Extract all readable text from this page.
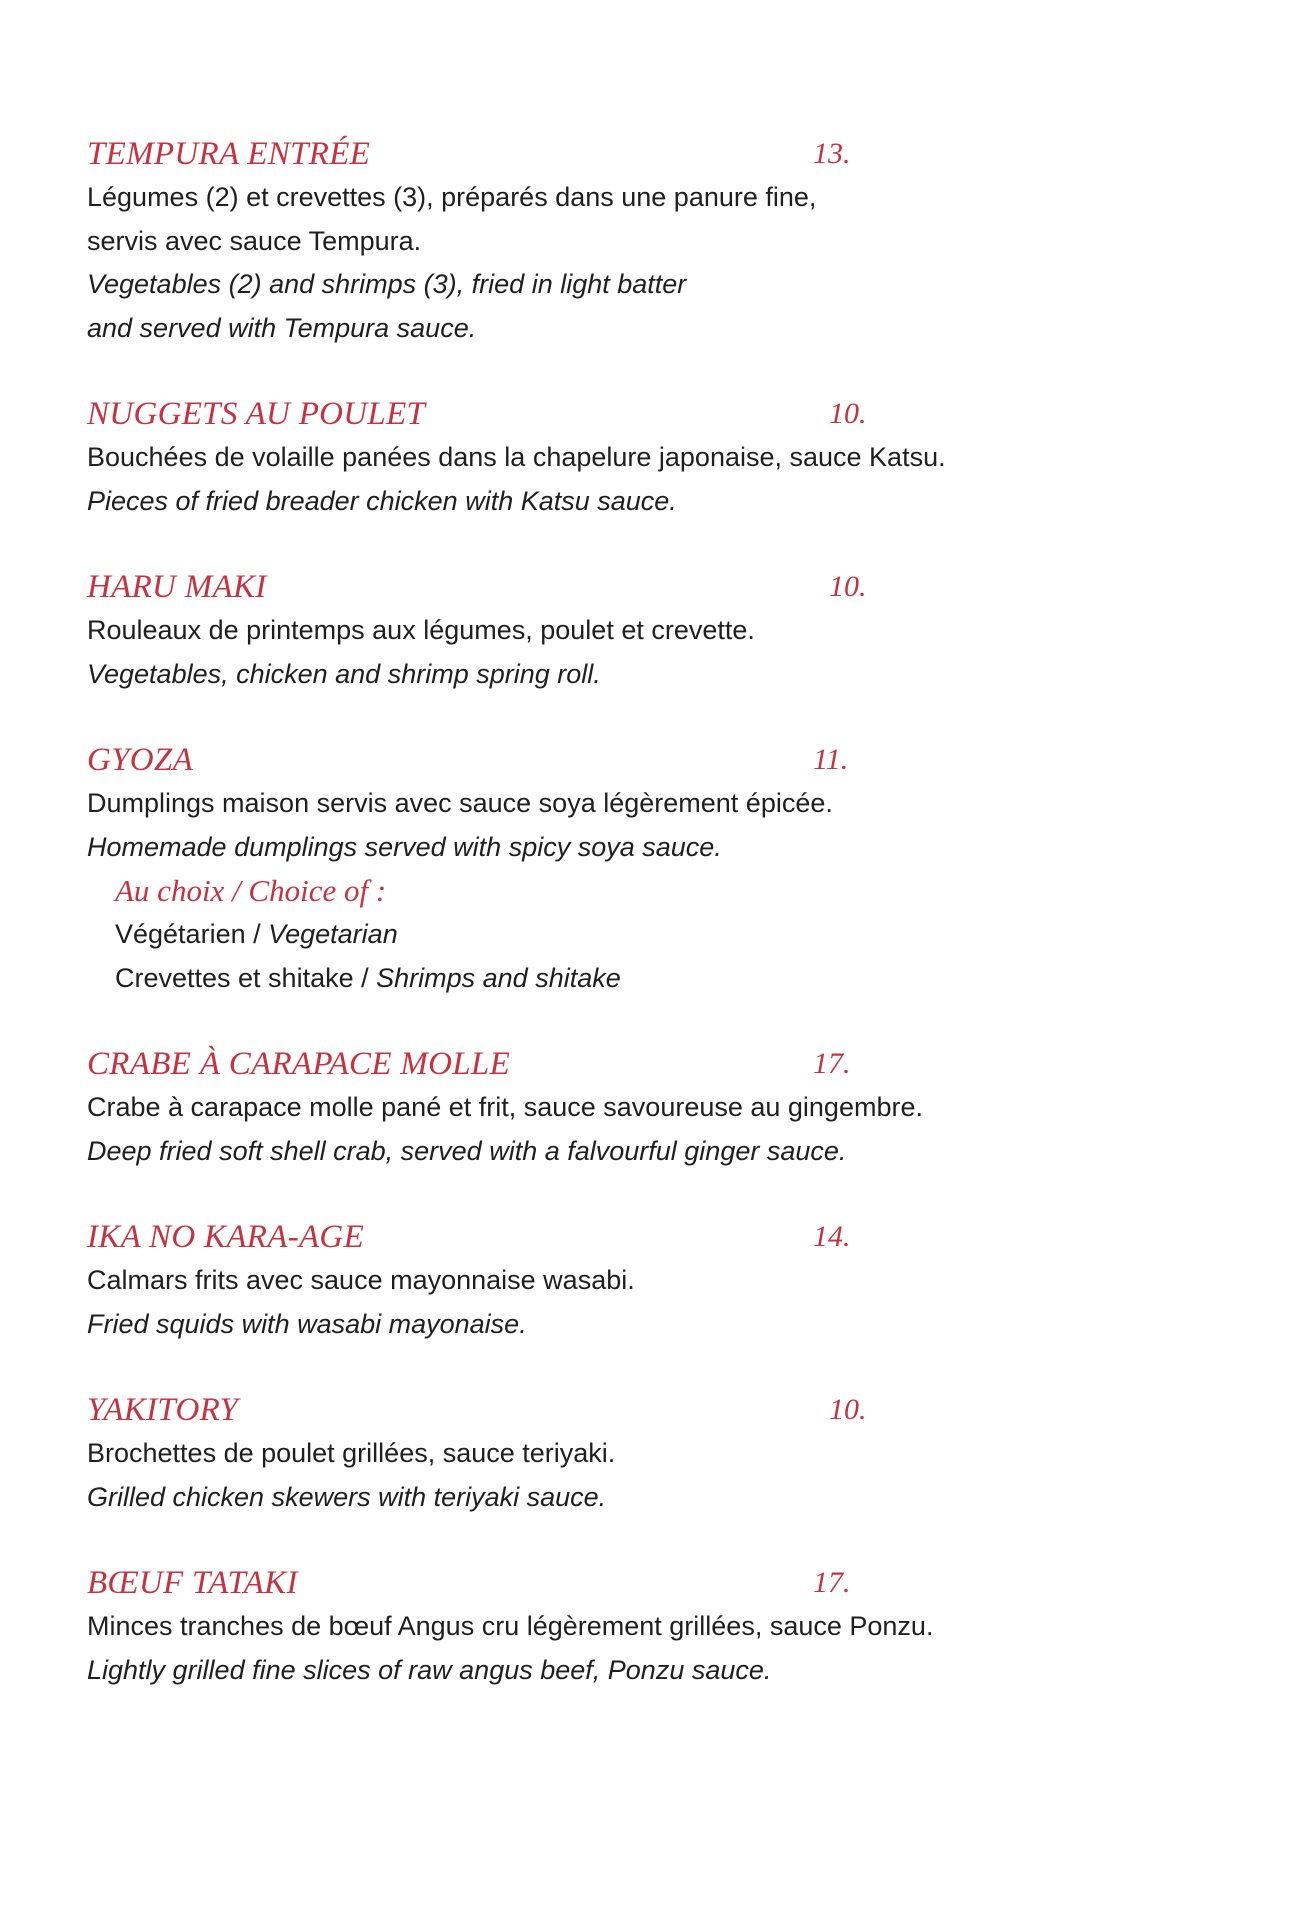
TEMPURA ENTRÉE	13.
Légumes (2) et crevettes (3), préparés dans une panure fine,
servis avec sauce Tempura.
Vegetables (2) and shrimps (3), fried in light batter
and served with Tempura sauce.
NUGGETS AU POULET	10.
Bouchées de volaille panées dans la chapelure japonaise, sauce Katsu.
Pieces of fried breader chicken with Katsu sauce.
HARU MAKI	10.
Rouleaux de printemps aux légumes, poulet et crevette.
Vegetables, chicken and shrimp spring roll.
GYOZA	11.
Dumplings maison servis avec sauce soya légèrement épicée.
Homemade dumplings served with spicy soya sauce.
Au choix / Choice of :
Végétarien / Vegetarian
Crevettes et shitake / Shrimps and shitake
CRABE À CARAPACE MOLLE	17.
Crabe à carapace molle pané et frit, sauce savoureuse au gingembre.
Deep fried soft shell crab, served with a falvourful ginger sauce.
IKA NO KARA-AGE	14.
Calmars frits avec sauce mayonnaise wasabi.
Fried squids with wasabi mayonaise.
YAKITORY	10.
Brochettes de poulet grillées, sauce teriyaki.
Grilled chicken skewers with teriyaki sauce.
BŒUF TATAKI	17.
Minces tranches de bœuf Angus cru légèrement grillées, sauce Ponzu.
Lightly grilled fine slices of raw angus beef, Ponzu sauce.
